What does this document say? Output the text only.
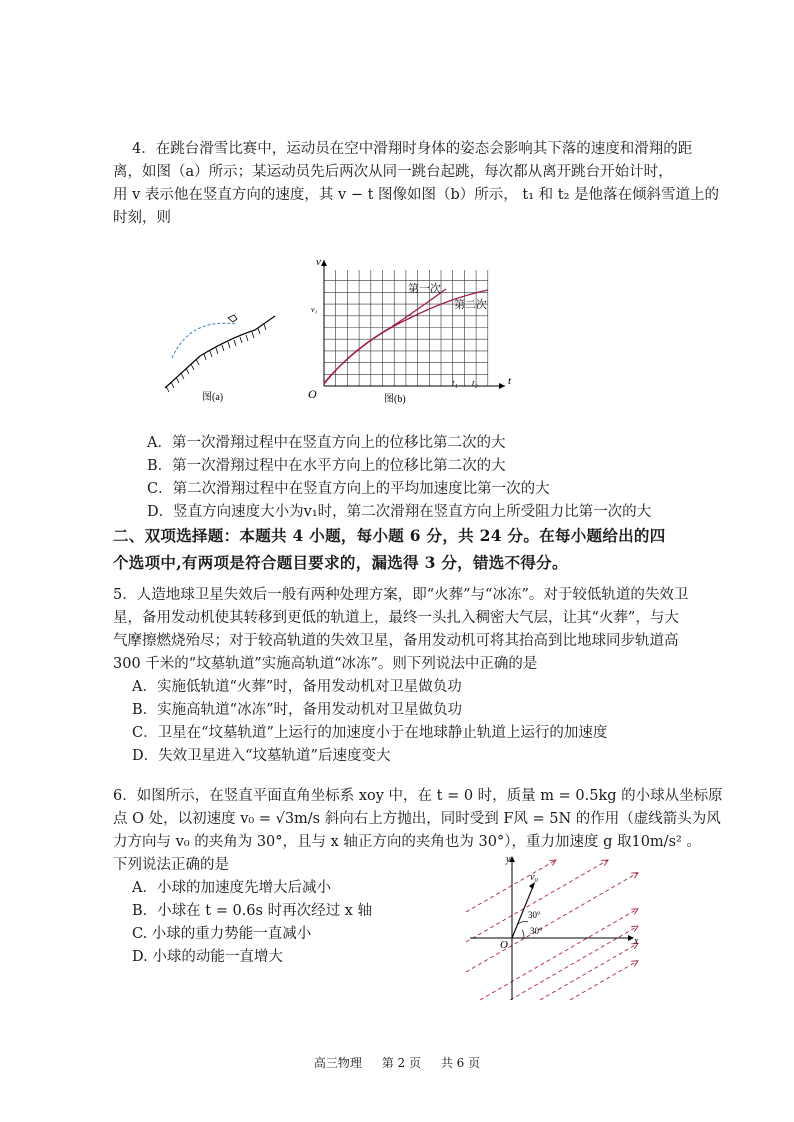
4．在跳台滑雪比赛中，运动员在空中滑翔时身体的姿态会影响其下落的速度和滑翔的距
离，如图（a）所示；某运动员先后两次从同一跳台起跳，每次都从离开跳台开始计时，
用 v 表示他在竖直方向的速度，其 v − t 图像如图（b）所示， t₁ 和 t₂ 是他落在倾斜雪道上的
时刻，则
图(a)
v
t
O
v₁
t₁ t₂
第一次
第二次
图(b)
A．第一次滑翔过程中在竖直方向上的位移比第二次的大
B．第一次滑翔过程中在水平方向上的位移比第二次的大
C．第二次滑翔过程中在竖直方向上的平均加速度比第一次的大
D．竖直方向速度大小为v₁时，第二次滑翔在竖直方向上所受阻力比第一次的大
二、双项选择题：本题共 4 小题，每小题 6 分，共 24 分。在每小题给出的四
个选项中,有两项是符合题目要求的，漏选得 3 分，错选不得分。
5．人造地球卫星失效后一般有两种处理方案，即“火葬”与“冰冻”。对于较低轨道的失效卫
星，备用发动机使其转移到更低的轨道上，最终一头扎入稠密大气层，让其“火葬”，与大
气摩擦燃烧殆尽；对于较高轨道的失效卫星，备用发动机可将其抬高到比地球同步轨道高
300 千米的“坟墓轨道”实施高轨道“冰冻”。则下列说法中正确的是
A．实施低轨道“火葬”时，备用发动机对卫星做负功
B．实施高轨道“冰冻”时，备用发动机对卫星做负功
C．卫星在“坟墓轨道”上运行的加速度小于在地球静止轨道上运行的加速度
D．失效卫星进入“坟墓轨道”后速度变大
6．如图所示，在竖直平面直角坐标系 xoy 中，在 t = 0 时，质量 m = 0.5kg 的小球从坐标原
点 O 处，以初速度 v₀ = √3m/s 斜向右上方抛出，同时受到 F风 = 5N 的作用（虚线箭头为风
力方向与 v₀ 的夹角为 30°，且与 x 轴正方向的夹角也为 30°），重力加速度 g 取10m/s² 。
下列说法正确的是
A．小球的加速度先增大后减小
B．小球在 t = 0.6s 时再次经过 x 轴
C. 小球的重力势能一直减小
D. 小球的动能一直增大
y
x
O
v₀
30°
30°
高三物理 第 2 页 共 6 页
